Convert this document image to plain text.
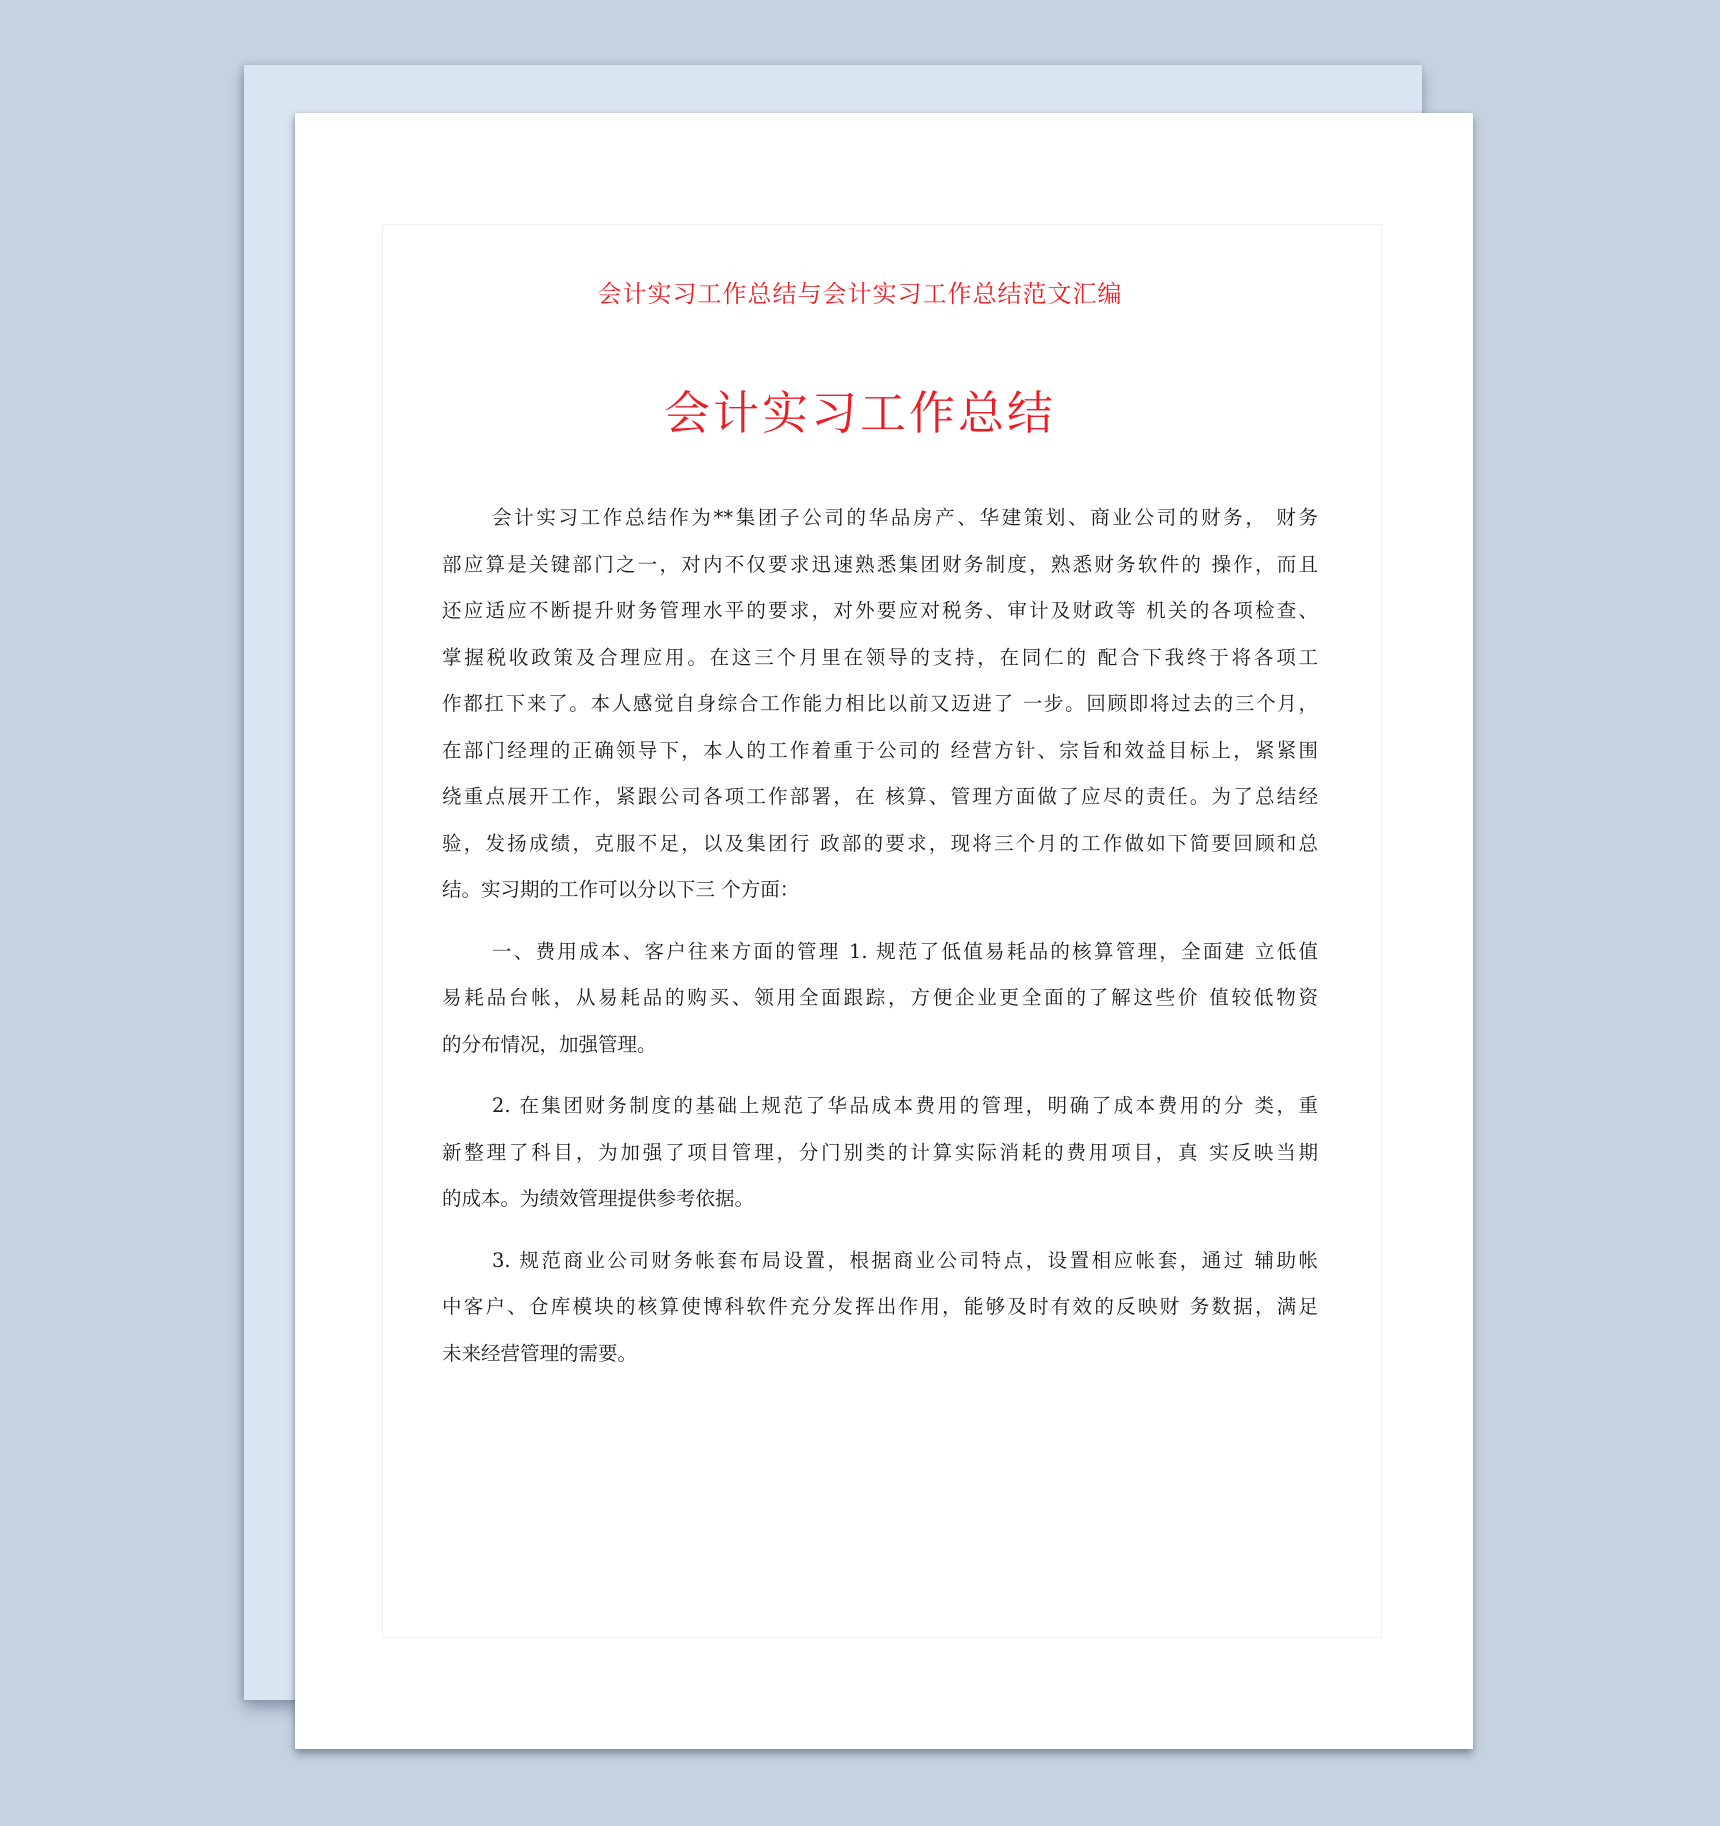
会计实习工作总结与会计实习工作总结范文汇编
会计实习工作总结
会计实习工作总结作为**集团子公司的华品房产、华建策划、商业公司的财务， 财务
部应算是关键部门之一，对内不仅要求迅速熟悉集团财务制度，熟悉财务软件的 操作，而且
还应适应不断提升财务管理水平的要求，对外要应对税务、审计及财政等 机关的各项检查、
掌握税收政策及合理应用。在这三个月里在领导的支持，在同仁的 配合下我终于将各项工
作都扛下来了。本人感觉自身综合工作能力相比以前又迈进了 一步。回顾即将过去的三个月，
在部门经理的正确领导下，本人的工作着重于公司的 经营方针、宗旨和效益目标上，紧紧围
绕重点展开工作，紧跟公司各项工作部署，在 核算、管理方面做了应尽的责任。为了总结经
验，发扬成绩，克服不足，以及集团行 政部的要求，现将三个月的工作做如下简要回顾和总
结。实习期的工作可以分以下三 个方面：
一、费用成本、客户往来方面的管理 1. 规范了低值易耗品的核算管理，全面建 立低值
易耗品台帐，从易耗品的购买、领用全面跟踪，方便企业更全面的了解这些价 值较低物资
的分布情况，加强管理。
2. 在集团财务制度的基础上规范了华品成本费用的管理，明确了成本费用的分 类，重
新整理了科目，为加强了项目管理，分门别类的计算实际消耗的费用项目，真 实反映当期
的成本。为绩效管理提供参考依据。
3. 规范商业公司财务帐套布局设置，根据商业公司特点，设置相应帐套，通过 辅助帐
中客户、仓库模块的核算使博科软件充分发挥出作用，能够及时有效的反映财 务数据，满足
未来经营管理的需要。
